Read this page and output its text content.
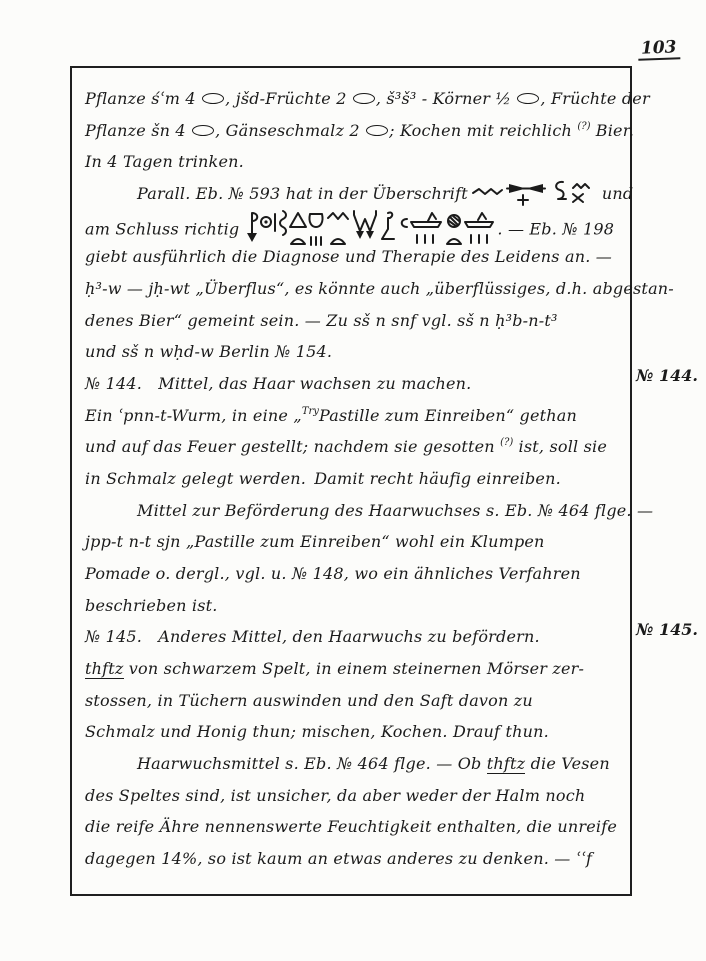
103
№ 144.
№ 145.
Pflanze śʿm 4 , jšd-Früchte 2 , š³š³ - Körner ½ , Früchte der
Pflanze šn 4 , Gänseschmalz 2 ; Kochen mit reichlich (?) Bier.
In 4 Tagen trinken.
Parall. Eb. № 593 hat in der Überschrift	und
am Schluss richtig	. — Eb. № 198
giebt ausführlich die Diagnose und Therapie des Leidens an. —
ḥ³-w — jḥ-wt „Überflus“, es könnte auch „überflüssiges, d.h. abgestan-
denes Bier“ gemeint sein. — Zu sš n snf vgl. sš n ḥ³b-n-t³
und sš n wḥd-w Berlin № 154.
№ 144. Mittel, das Haar wachsen zu machen.
Ein ʿpnn-t-Wurm, in eine „$^{Try}$Pastille zum Einreiben“ gethan
und auf das Feuer gestellt; nachdem sie gesotten (?) ist, soll sie
in Schmalz gelegt werden. Damit recht häufig einreiben.
Mittel zur Beförderung des Haarwuchses s. Eb. № 464 flge. —
jpp-t n-t sjn „Pastille zum Einreiben“ wohl ein Klumpen
Pomade o. dergl., vgl. u. № 148, wo ein ähnliches Verfahren
beschrieben ist.
№ 145. Anderes Mittel, den Haarwuchs zu befördern.
thftz von schwarzem Spelt, in einem steinernen Mörser zer-
stossen, in Tüchern auswinden und den Saft davon zu
Schmalz und Honig thun; mischen, Kochen. Drauf thun.
Haarwuchsmittel s. Eb. № 464 flge. — Ob thftz die Vesen
des Speltes sind, ist unsicher, da aber weder der Halm noch
die reife Ähre nennenswerte Feuchtigkeit enthalten, die unreife
dagegen 14%, so ist kaum an etwas anderes zu denken. — ʿʿf
